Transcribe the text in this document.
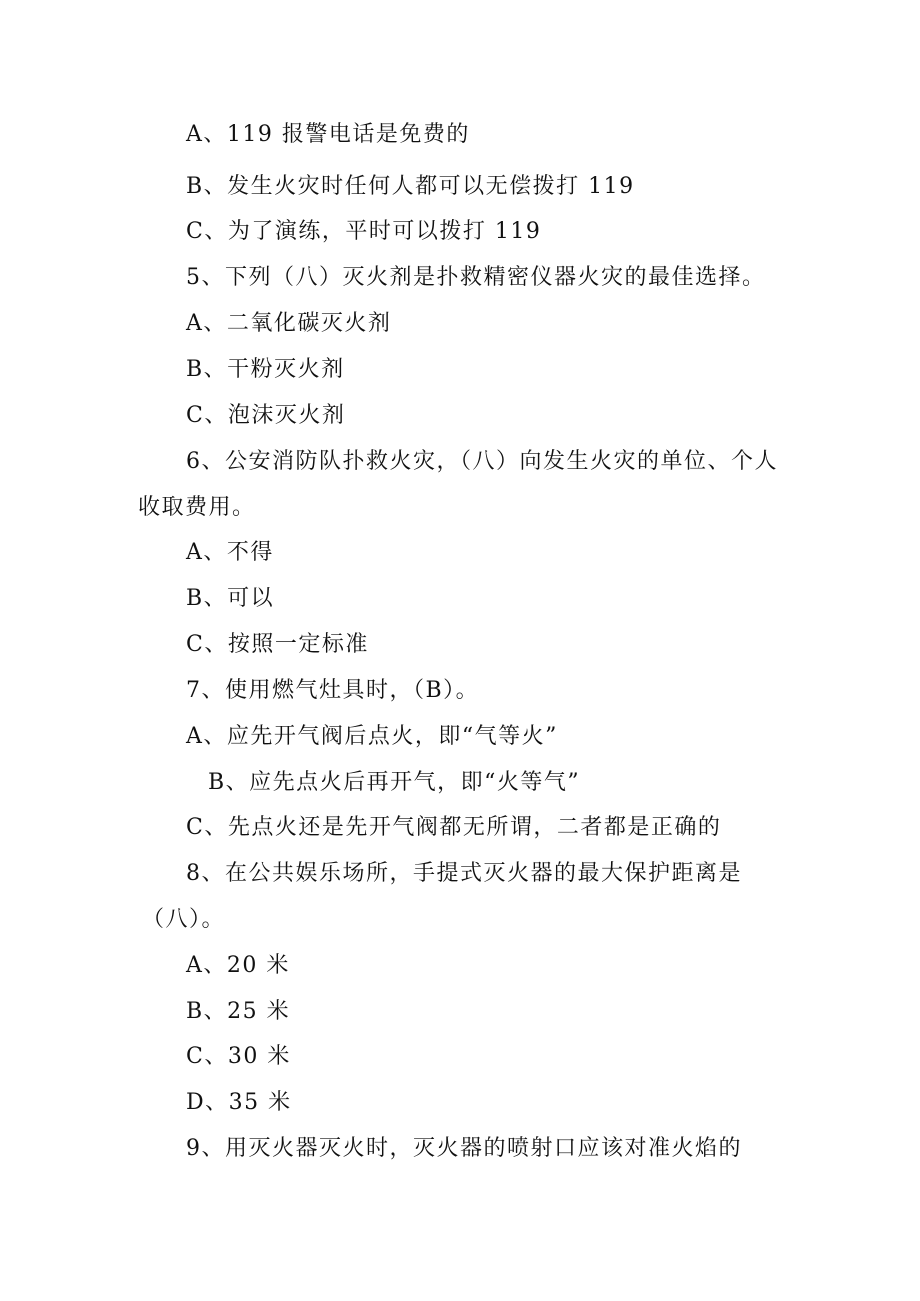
A、119 报警电话是免费的
B、发生火灾时任何人都可以无偿拨打 119
C、为了演练，平时可以拨打 119
5、下列（八）灭火剂是扑救精密仪器火灾的最佳选择。
A、二氧化碳灭火剂
B、干粉灭火剂
C、泡沫灭火剂
6、公安消防队扑救火灾，（八）向发生火灾的单位、个人
收取费用。
A、不得
B、可以
C、按照一定标准
7、使用燃气灶具时，（B）。
A、应先开气阀后点火，即“气等火”
B、应先点火后再开气，即“火等气”
C、先点火还是先开气阀都无所谓，二者都是正确的
8、在公共娱乐场所，手提式灭火器的最大保护距离是
（八）。
A、20 米
B、25 米
C、30 米
D、35 米
9、用灭火器灭火时，灭火器的喷射口应该对准火焰的
